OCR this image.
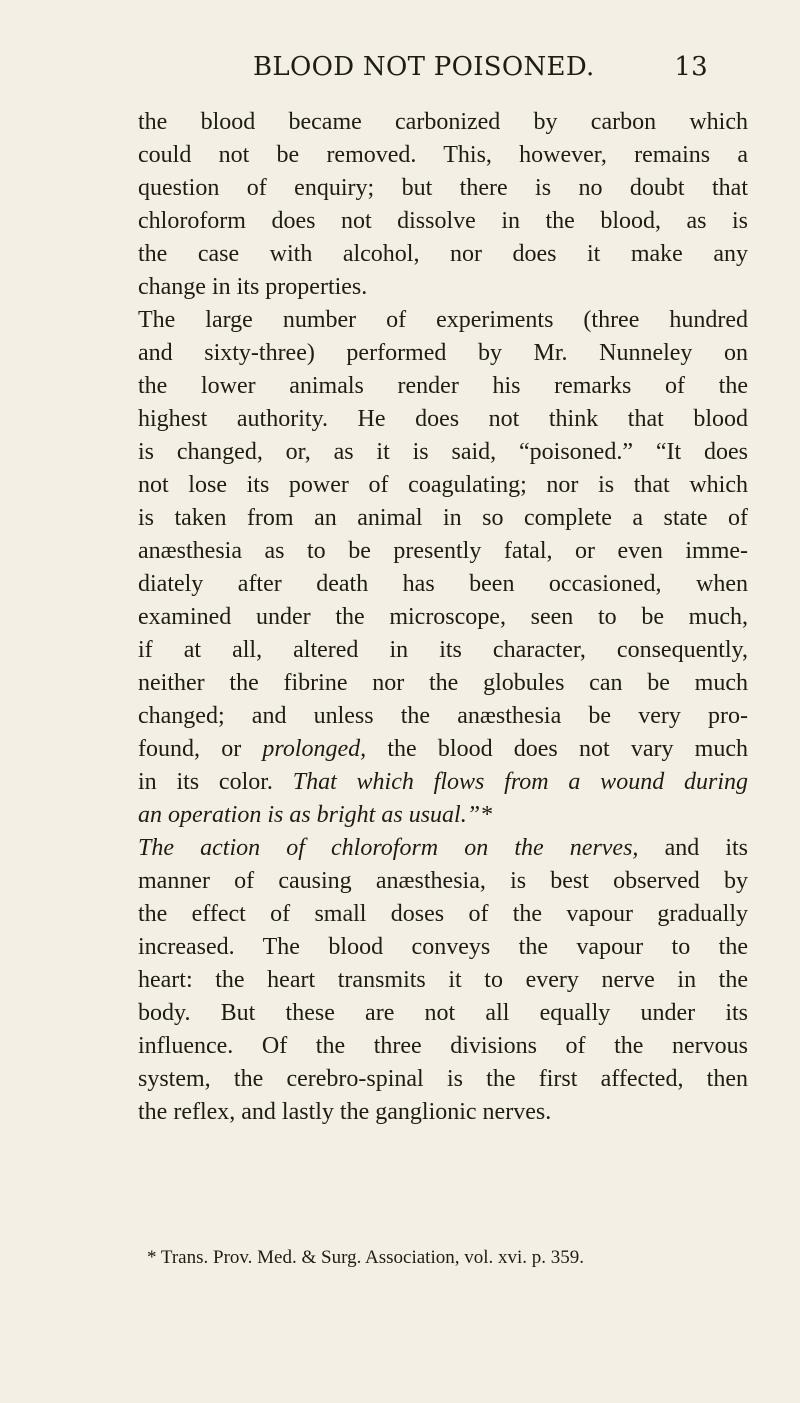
BLOOD NOT POISONED.	13
the blood became carbonized by carbon which
could not be removed. This, however, remains a
question of enquiry; but there is no doubt that
chloroform does not dissolve in the blood, as is
the case with alcohol, nor does it make any
change in its properties.
The large number of experiments (three hundred
and sixty-three) performed by Mr. Nunneley on
the lower animals render his remarks of the
highest authority. He does not think that blood
is changed, or, as it is said, “poisoned.” “It does
not lose its power of coagulating; nor is that which
is taken from an animal in so complete a state of
anæsthesia as to be presently fatal, or even imme-
diately after death has been occasioned, when
examined under the microscope, seen to be much,
if at all, altered in its character, consequently,
neither the fibrine nor the globules can be much
changed; and unless the anæsthesia be very pro-
found, or prolonged, the blood does not vary much
in its color. That which flows from a wound during
an operation is as bright as usual.”*
The action of chloroform on the nerves, and its
manner of causing anæsthesia, is best observed by
the effect of small doses of the vapour gradually
increased. The blood conveys the vapour to the
heart: the heart transmits it to every nerve in the
body. But these are not all equally under its
influence. Of the three divisions of the nervous
system, the cerebro-spinal is the first affected, then
the reflex, and lastly the ganglionic nerves.
* Trans. Prov. Med. & Surg. Association, vol. xvi. p. 359.
